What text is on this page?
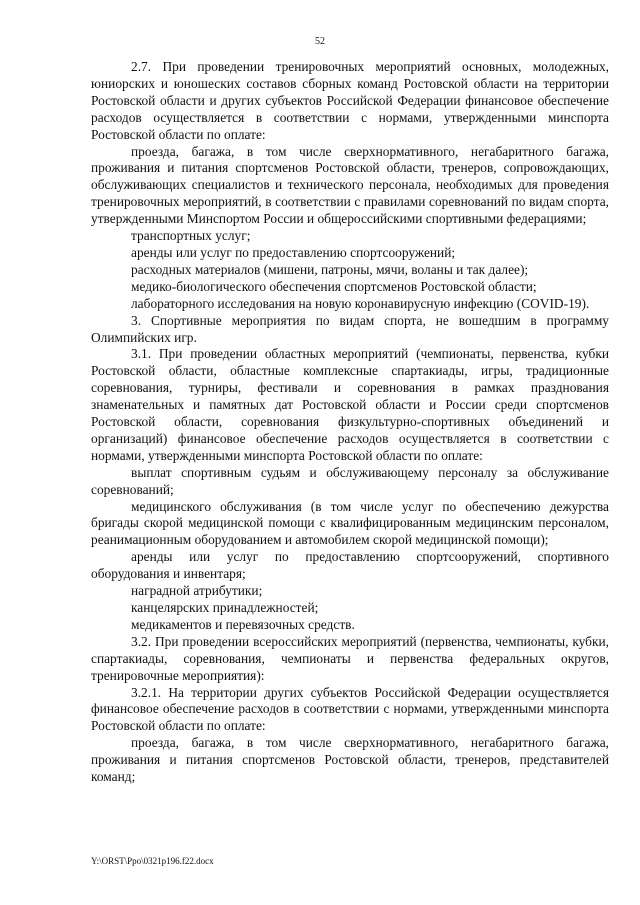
52

2.7. При проведении тренировочных мероприятий основных, молодежных, юниорских и юношеских составов сборных команд Ростовской области на территории Ростовской области и других субъектов Российской Федерации финансовое обеспечение расходов осуществляется в соответствии с нормами, утвержденными минспорта Ростовской области по оплате:

проезда, багажа, в том числе сверхнормативного, негабаритного багажа, проживания и питания спортсменов Ростовской области, тренеров, сопровождающих, обслуживающих специалистов и технического персонала, необходимых для проведения тренировочных мероприятий, в соответствии с правилами соревнований по видам спорта, утвержденными Минспортом России и общероссийскими спортивными федерациями;

транспортных услуг;

аренды или услуг по предоставлению спортсооружений;

расходных материалов (мишени, патроны, мячи, воланы и так далее);

медико-биологического обеспечения спортсменов Ростовской области;

лабораторного исследования на новую коронавирусную инфекцию (COVID-19).

3. Спортивные мероприятия по видам спорта, не вошедшим в программу Олимпийских игр.

3.1. При проведении областных мероприятий (чемпионаты, первенства, кубки Ростовской области, областные комплексные спартакиады, игры, традиционные соревнования, турниры, фестивали и соревнования в рамках празднования знаменательных и памятных дат Ростовской области и России среди спортсменов Ростовской области, соревнования физкультурно-спортивных объединений и организаций) финансовое обеспечение расходов осуществляется в соответствии с нормами, утвержденными минспорта Ростовской области по оплате:

выплат спортивным судьям и обслуживающему персоналу за обслуживание соревнований;

медицинского обслуживания (в том числе услуг по обеспечению дежурства бригады скорой медицинской помощи с квалифицированным медицинским персоналом, реанимационным оборудованием и автомобилем скорой медицинской помощи);

аренды или услуг по предоставлению спортсооружений, спортивного оборудования и инвентаря;

наградной атрибутики;

канцелярских принадлежностей;

медикаментов и перевязочных средств.

3.2. При проведении всероссийских мероприятий (первенства, чемпионаты, кубки, спартакиады, соревнования, чемпионаты и первенства федеральных округов, тренировочные мероприятия):

3.2.1. На территории других субъектов Российской Федерации осуществляется финансовое обеспечение расходов в соответствии с нормами, утвержденными минспорта Ростовской области по оплате:

проезда, багажа, в том числе сверхнормативного, негабаритного багажа, проживания и питания спортсменов Ростовской области, тренеров, представителей команд;

Y:\ORST\Ppo\0321p196.f22.docx
